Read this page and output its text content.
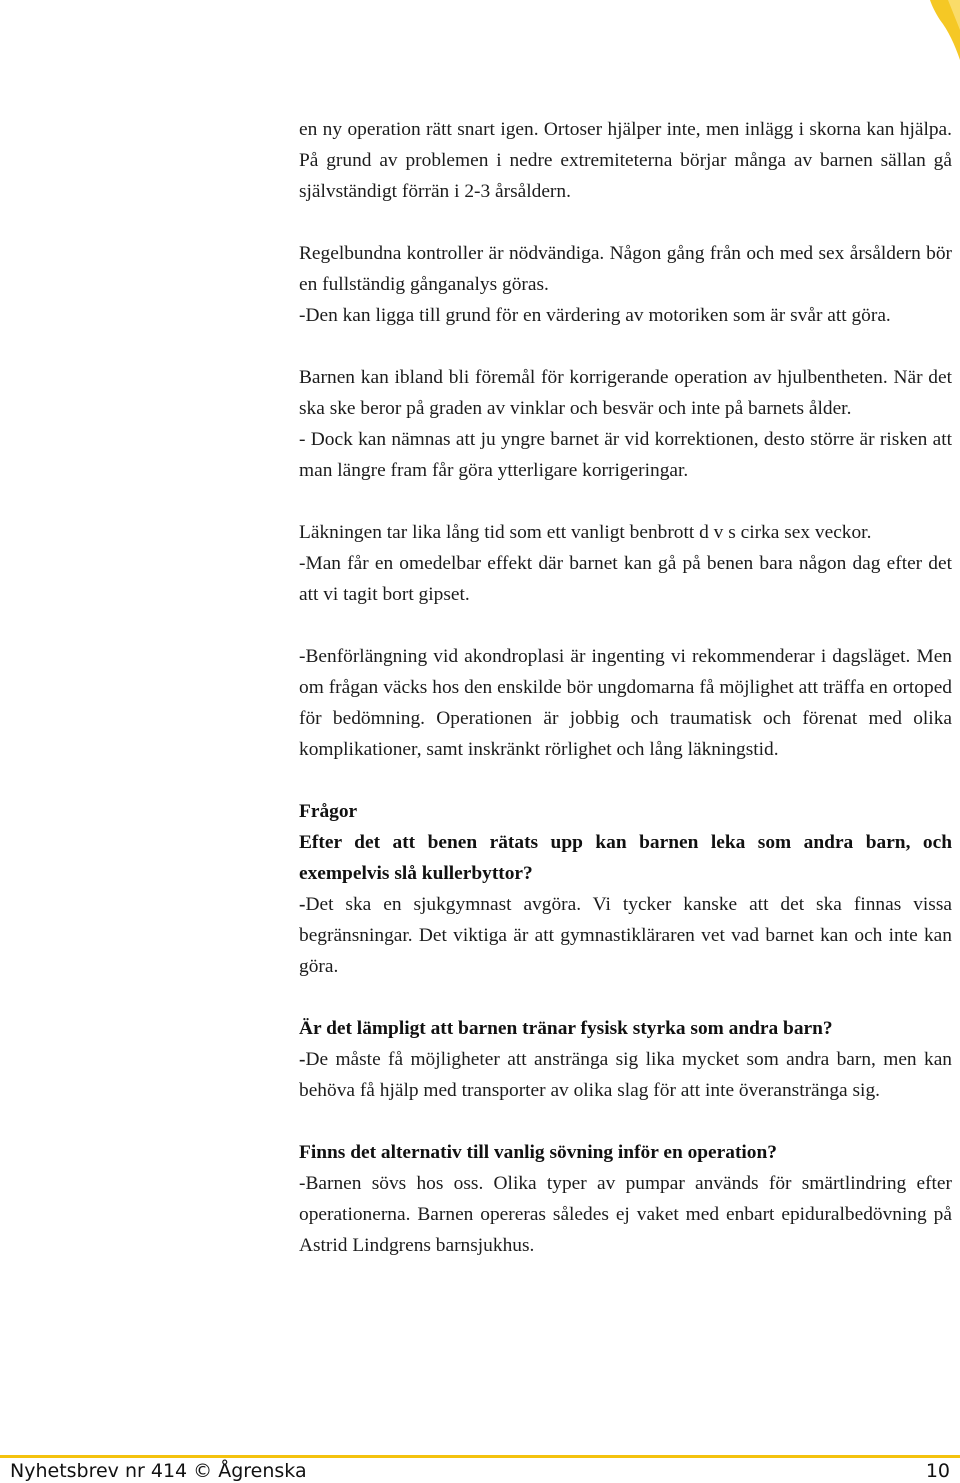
en ny operation rätt snart igen. Ortoser hjälper inte, men inlägg i skorna kan hjälpa. På grund av problemen i nedre extremiteterna börjar många av barnen sällan gå självständigt förrän i 2-3 årsåldern.

Regelbundna kontroller är nödvändiga. Någon gång från och med sex årsåldern bör en fullständig gånganalys göras.

-Den kan ligga till grund för en värdering av motoriken som är svår att göra.

Barnen kan ibland bli föremål för korrigerande operation av hjulbentheten. När det ska ske beror på graden av vinklar och besvär och inte på barnets ålder.

- Dock kan nämnas att ju yngre barnet är vid korrektionen, desto större är risken att man längre fram får göra ytterligare korrigeringar.

Läkningen tar lika lång tid som ett vanligt benbrott d v s cirka sex veckor.

-Man får en omedelbar effekt där barnet kan gå på benen bara någon dag efter det att vi tagit bort gipset.

-Benförlängning vid akondroplasi är ingenting vi rekommenderar i dagsläget. Men om frågan väcks hos den enskilde bör ungdomarna få möjlighet att träffa en ortoped för bedömning. Operationen är jobbig och traumatisk och förenat med olika komplikationer, samt inskränkt rörlighet och lång läkningstid.

Frågor

Efter det att benen rätats upp kan barnen leka som andra barn, och exempelvis slå kullerbyttor?

-Det ska en sjukgymnast avgöra. Vi tycker kanske att det ska finnas vissa begränsningar. Det viktiga är att gymnastikläraren vet vad barnet kan och inte kan göra.

Är det lämpligt att barnen tränar fysisk styrka som andra barn?

-De måste få möjligheter att anstränga sig lika mycket som andra barn, men kan behöva få hjälp med transporter av olika slag för att inte överanstränga sig.

Finns det alternativ till vanlig sövning inför en operation?

-Barnen sövs hos oss. Olika typer av pumpar används för smärtlindring efter operationerna. Barnen opereras således ej vaket med enbart epiduralbedövning på Astrid Lindgrens barnsjukhus.

Nyhetsbrev nr 414 © Ågrenska	10
